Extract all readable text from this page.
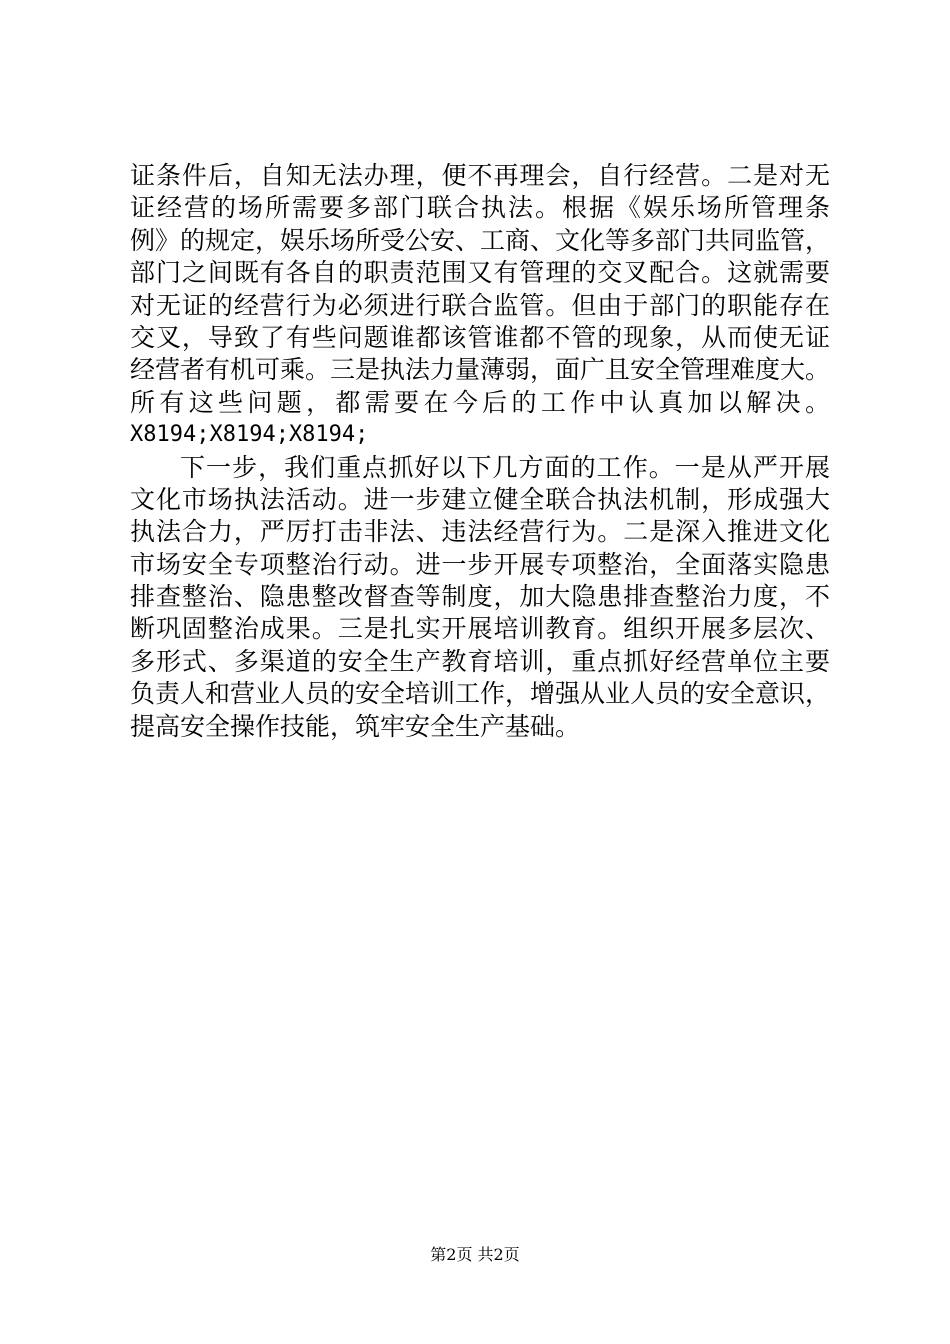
证条件后，自知无法办理，便不再理会，自行经营。二是对无
证经营的场所需要多部门联合执法。根据《娱乐场所管理条
例》的规定，娱乐场所受公安、工商、文化等多部门共同监管，
部门之间既有各自的职责范围又有管理的交叉配合。这就需要
对无证的经营行为必须进行联合监管。但由于部门的职能存在
交叉，导致了有些问题谁都该管谁都不管的现象，从而使无证
经营者有机可乘。三是执法力量薄弱，面广且安全管理难度大。
所有这些问题，都需要在今后的工作中认真加以解决。
X8194;X8194;X8194;
下一步，我们重点抓好以下几方面的工作。一是从严开展
文化市场执法活动。进一步建立健全联合执法机制，形成强大
执法合力，严厉打击非法、违法经营行为。二是深入推进文化
市场安全专项整治行动。进一步开展专项整治，全面落实隐患
排查整治、隐患整改督查等制度，加大隐患排查整治力度，不
断巩固整治成果。三是扎实开展培训教育。组织开展多层次、
多形式、多渠道的安全生产教育培训，重点抓好经营单位主要
负责人和营业人员的安全培训工作，增强从业人员的安全意识，
提高安全操作技能，筑牢安全生产基础。
第2页 共2页
